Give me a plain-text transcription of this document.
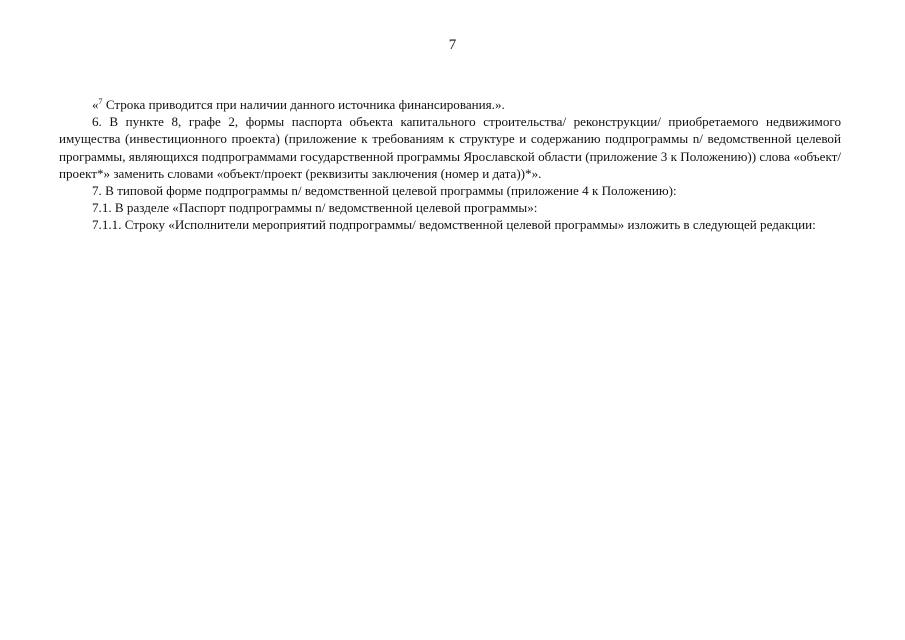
7

«$^7$ Строка приводится при наличии данного источника финансирования.».

6. В пункте 8, графе 2, формы паспорта объекта капитального строительства/ реконструкции/ приобретаемого недвижимого имущества (инвестиционного проекта) (приложение к требованиям к структуре и содержанию подпрограммы n/ ведомственной целевой программы, являющихся подпрограммами государственной программы Ярославской области (приложение 3 к Положению)) слова «объект/проект*» заменить словами «объект/проект (реквизиты заключения (номер и дата))*».

7. В типовой форме подпрограммы n/ ведомственной целевой программы (приложение 4 к Положению):

7.1. В разделе «Паспорт подпрограммы n/ ведомственной целевой программы»:

7.1.1. Строку «Исполнители мероприятий подпрограммы/ ведомственной целевой программы» изложить в следующей редакции:
